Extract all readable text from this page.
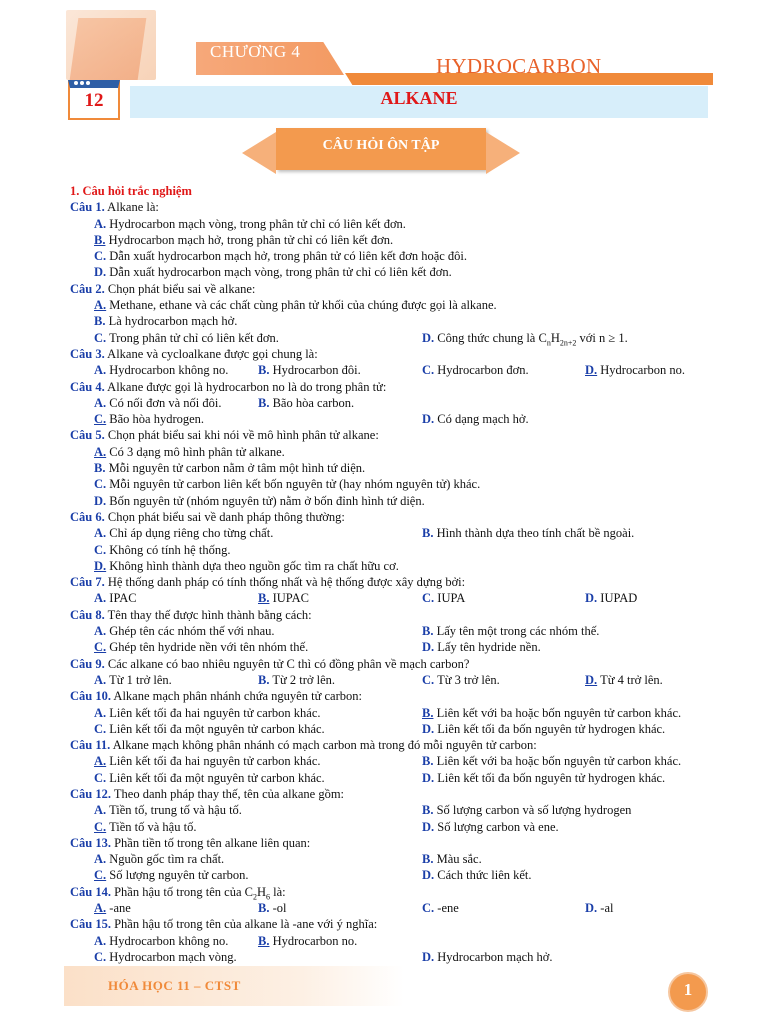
CHƯƠNG 4
HYDROCARBON
ALKANE
12
CÂU HỎI ÔN TẬP
1. Câu hỏi trắc nghiệm
Câu 1. Alkane là:
A. Hydrocarbon mạch vòng, trong phân tử chỉ có liên kết đơn.
B. Hydrocarbon mạch hở, trong phân tử chỉ có liên kết đơn.
C. Dẫn xuất hydrocarbon mạch hở, trong phân tử có liên kết đơn hoặc đôi.
D. Dẫn xuất hydrocarbon mạch vòng, trong phân tử chỉ có liên kết đơn.
Câu 2. Chọn phát biểu sai về alkane:
A. Methane, ethane và các chất cùng phân tử khối của chúng được gọi là alkane.
B. Là hydrocarbon mạch hở.
C. Trong phân tử chỉ có liên kết đơn.	D. Công thức chung là $C_nH_{2n+2}$ với n ≥ 1.
Câu 3. Alkane và cycloalkane được gọi chung là:
A. Hydrocarbon không no. B. Hydrocarbon đôi.	C. Hydrocarbon đơn.	D. Hydrocarbon no.
Câu 4. Alkane được gọi là hydrocarbon no là do trong phân tử:
A. Có nối đơn và nối đôi.	B. Bão hòa carbon.
C. Bão hòa hydrogen.	D. Có dạng mạch hở.
Câu 5. Chọn phát biểu sai khi nói về mô hình phân tử alkane:
A. Có 3 dạng mô hình phân tử alkane.
B. Mỗi nguyên tử carbon nằm ở tâm một hình tứ diện.
C. Mỗi nguyên tử carbon liên kết bốn nguyên tử (hay nhóm nguyên tử) khác.
D. Bốn nguyên tử (nhóm nguyên tử) nằm ở bốn đỉnh hình tứ diện.
Câu 6. Chọn phát biểu sai về danh pháp thông thường:
A. Chỉ áp dụng riêng cho từng chất.	B. Hình thành dựa theo tính chất bề ngoài.
C. Không có tính hệ thống.
D. Không hình thành dựa theo nguồn gốc tìm ra chất hữu cơ.
Câu 7. Hệ thống danh pháp có tính thống nhất và hệ thống được xây dựng bởi:
A. IPAC	B. IUPAC	C. IUPA	D. IUPAD
Câu 8. Tên thay thế được hình thành bằng cách:
A. Ghép tên các nhóm thế với nhau.	B. Lấy tên một trong các nhóm thế.
C. Ghép tên hydride nền với tên nhóm thế.	D. Lấy tên hydride nền.
Câu 9. Các alkane có bao nhiêu nguyên tử C thì có đồng phân về mạch carbon?
A. Từ 1 trở lên.	B. Từ 2 trở lên.	C. Từ 3 trở lên.	D. Từ 4 trở lên.
Câu 10. Alkane mạch phân nhánh chứa nguyên tử carbon:
A. Liên kết tối đa hai nguyên tử carbon khác.	B. Liên kết với ba hoặc bốn nguyên tử carbon khác.
C. Liên kết tối đa một nguyên tử carbon khác.	D. Liên kết tối đa bốn nguyên tử hydrogen khác.
Câu 11. Alkane mạch không phân nhánh có mạch carbon mà trong đó mỗi nguyên tử carbon:
A. Liên kết tối đa hai nguyên tử carbon khác.	B. Liên kết với ba hoặc bốn nguyên tử carbon khác.
C. Liên kết tối đa một nguyên tử carbon khác.	D. Liên kết tối đa bốn nguyên tử hydrogen khác.
Câu 12. Theo danh pháp thay thế, tên của alkane gồm:
A. Tiền tố, trung tố và hậu tố.	B. Số lượng carbon và số lượng hydrogen
C. Tiền tố và hậu tố.	D. Số lượng carbon và ene.
Câu 13. Phần tiền tố trong tên alkane liên quan:
A. Nguồn gốc tìm ra chất.	B. Màu sắc.
C. Số lượng nguyên tử carbon.	D. Cách thức liên kết.
Câu 14. Phần hậu tố trong tên của $C_2H_6$ là:
A. -ane	B. -ol	C. -ene	D. -al
Câu 15. Phần hậu tố trong tên của alkane là -ane với ý nghĩa:
A. Hydrocarbon không no. B. Hydrocarbon no.
C. Hydrocarbon mạch vòng.	D. Hydrocarbon mạch hở.
HÓA HỌC 11 – CTST	1
